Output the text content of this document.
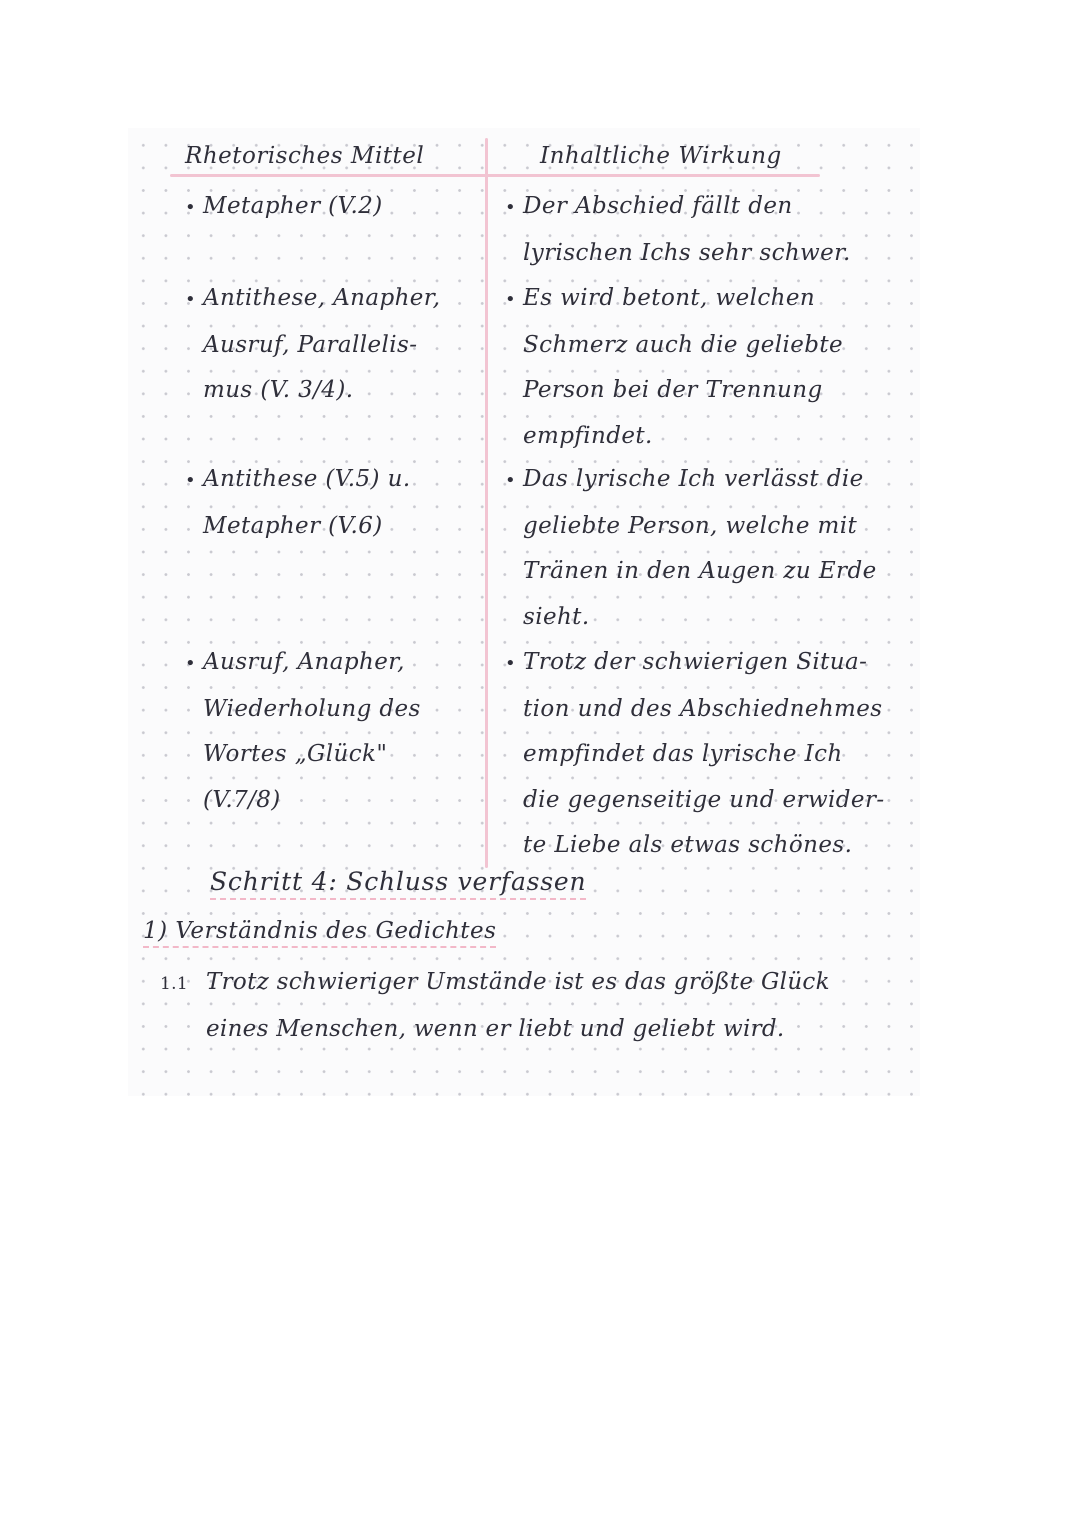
Rhetorisches Mittel	Inhaltliche Wirkung
• Metapher (V.2)	• Der Abschied fällt den
lyrischen Ichs sehr schwer.
• Antithese, Anapher,
Ausruf, Parallelis-
mus (V. 3/4).
• Es wird betont, welchen
Schmerz auch die geliebte
Person bei der Trennung
empfindet.
• Antithese (V.5) u.
Metapher (V.6)
• Das lyrische Ich verlässt die
geliebte Person, welche mit
Tränen in den Augen zu Erde
sieht.
• Ausruf, Anapher,
Wiederholung des
Wortes „Glück"
(V.7/8)
• Trotz der schwierigen Situa-
tion und des Abschiednehmes
empfindet das lyrische Ich
die gegenseitige und erwider-
te Liebe als etwas schönes.
Schritt 4: Schluss verfassen
1) Verständnis des Gedichtes
1.1 Trotz schwieriger Umstände ist es das größte Glück
eines Menschen, wenn er liebt und geliebt wird.
